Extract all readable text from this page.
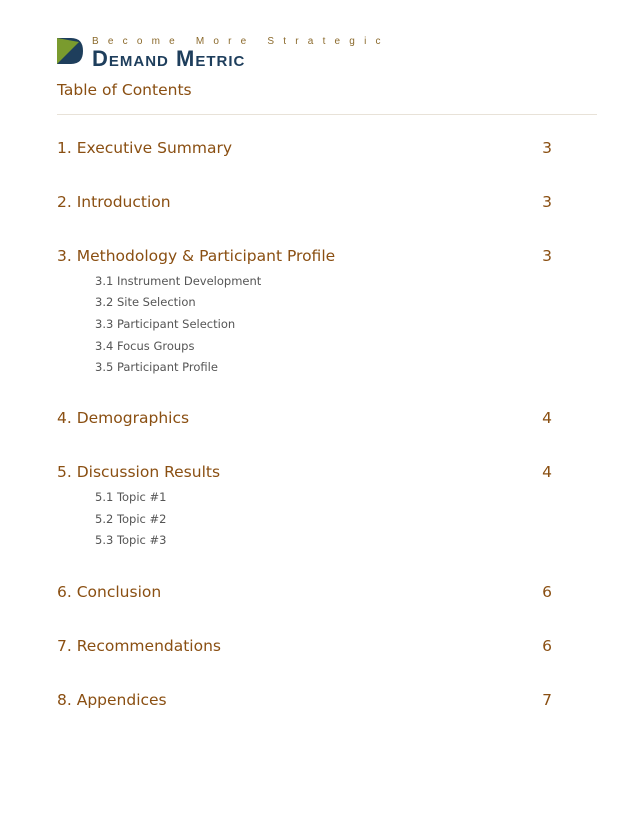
Become More Strategic
Demand Metric
Table of Contents
1. Executive Summary	3
2. Introduction	3
3. Methodology & Participant Profile	3
3.1 Instrument Development
3.2 Site Selection
3.3 Participant Selection
3.4 Focus Groups
3.5 Participant Profile
4. Demographics	4
5. Discussion Results	4
5.1 Topic #1
5.2 Topic #2
5.3 Topic #3
6. Conclusion	6
7. Recommendations	6
8. Appendices	7
